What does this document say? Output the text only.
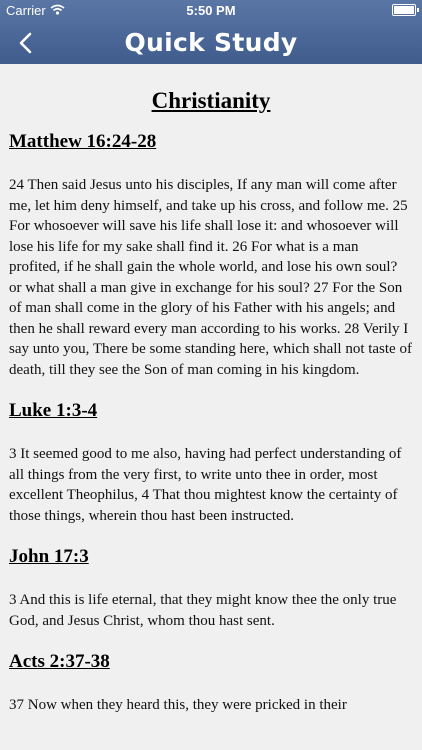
Carrier	5:50 PM
Quick Study
Christianity
Matthew 16:24-28
24 Then said Jesus unto his disciples, If any man will come after me, let him deny himself, and take up his cross, and follow me. 25 For whosoever will save his life shall lose it: and whosoever will lose his life for my sake shall find it. 26 For what is a man profited, if he shall gain the whole world, and lose his own soul? or what shall a man give in exchange for his soul? 27 For the Son of man shall come in the glory of his Father with his angels; and then he shall reward every man according to his works. 28 Verily I say unto you, There be some standing here, which shall not taste of death, till they see the Son of man coming in his kingdom.
Luke 1:3-4
3 It seemed good to me also, having had perfect understanding of all things from the very first, to write unto thee in order, most excellent Theophilus, 4 That thou mightest know the certainty of those things, wherein thou hast been instructed.
John 17:3
3 And this is life eternal, that they might know thee the only true God, and Jesus Christ, whom thou hast sent.
Acts 2:37-38
37 Now when they heard this, they were pricked in their
